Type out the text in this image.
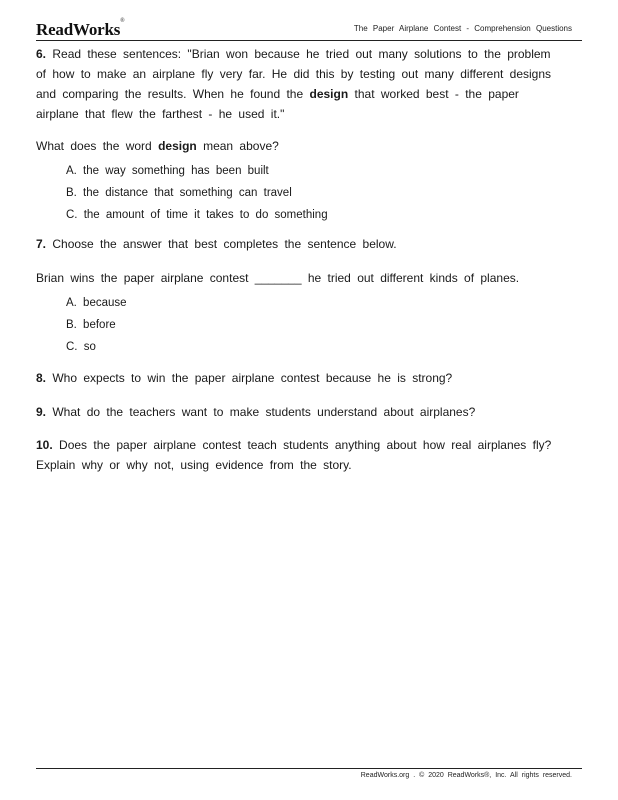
ReadWorks®
The Paper Airplane Contest - Comprehension Questions

6. Read these sentences: "Brian won because he tried out many solutions to the problem of how to make an airplane fly very far. He did this by testing out many different designs and comparing the results. When he found the design that worked best - the paper airplane that flew the farthest - he used it."

What does the word design mean above?

A. the way something has been built
B. the distance that something can travel
C. the amount of time it takes to do something

7. Choose the answer that best completes the sentence below.

Brian wins the paper airplane contest _______ he tried out different kinds of planes.

A. because
B. before
C. so

8. Who expects to win the paper airplane contest because he is strong?

9. What do the teachers want to make students understand about airplanes?

10. Does the paper airplane contest teach students anything about how real airplanes fly? Explain why or why not, using evidence from the story.

ReadWorks.org . © 2020 ReadWorks®, Inc. All rights reserved.
